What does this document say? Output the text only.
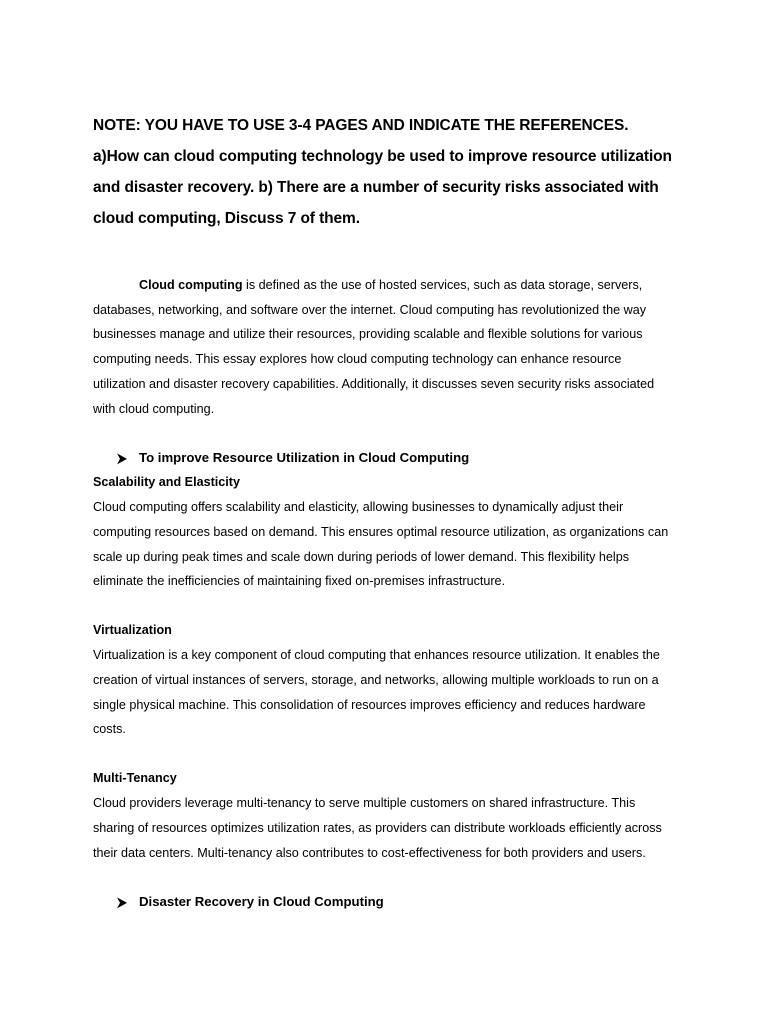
NOTE: YOU HAVE TO USE 3-4 PAGES AND INDICATE THE REFERENCES. a)How can cloud computing technology be used to improve resource utilization and disaster recovery. b) There are a number of security risks associated with cloud computing, Discuss 7 of them.

Cloud computing is defined as the use of hosted services, such as data storage, servers, databases, networking, and software over the internet. Cloud computing has revolutionized the way businesses manage and utilize their resources, providing scalable and flexible solutions for various computing needs. This essay explores how cloud computing technology can enhance resource utilization and disaster recovery capabilities. Additionally, it discusses seven security risks associated with cloud computing.

To improve Resource Utilization in Cloud Computing

Scalability and Elasticity

Cloud computing offers scalability and elasticity, allowing businesses to dynamically adjust their computing resources based on demand. This ensures optimal resource utilization, as organizations can scale up during peak times and scale down during periods of lower demand. This flexibility helps eliminate the inefficiencies of maintaining fixed on-premises infrastructure.

Virtualization

Virtualization is a key component of cloud computing that enhances resource utilization. It enables the creation of virtual instances of servers, storage, and networks, allowing multiple workloads to run on a single physical machine. This consolidation of resources improves efficiency and reduces hardware costs.

Multi-Tenancy

Cloud providers leverage multi-tenancy to serve multiple customers on shared infrastructure. This sharing of resources optimizes utilization rates, as providers can distribute workloads efficiently across their data centers. Multi-tenancy also contributes to cost-effectiveness for both providers and users.

Disaster Recovery in Cloud Computing
